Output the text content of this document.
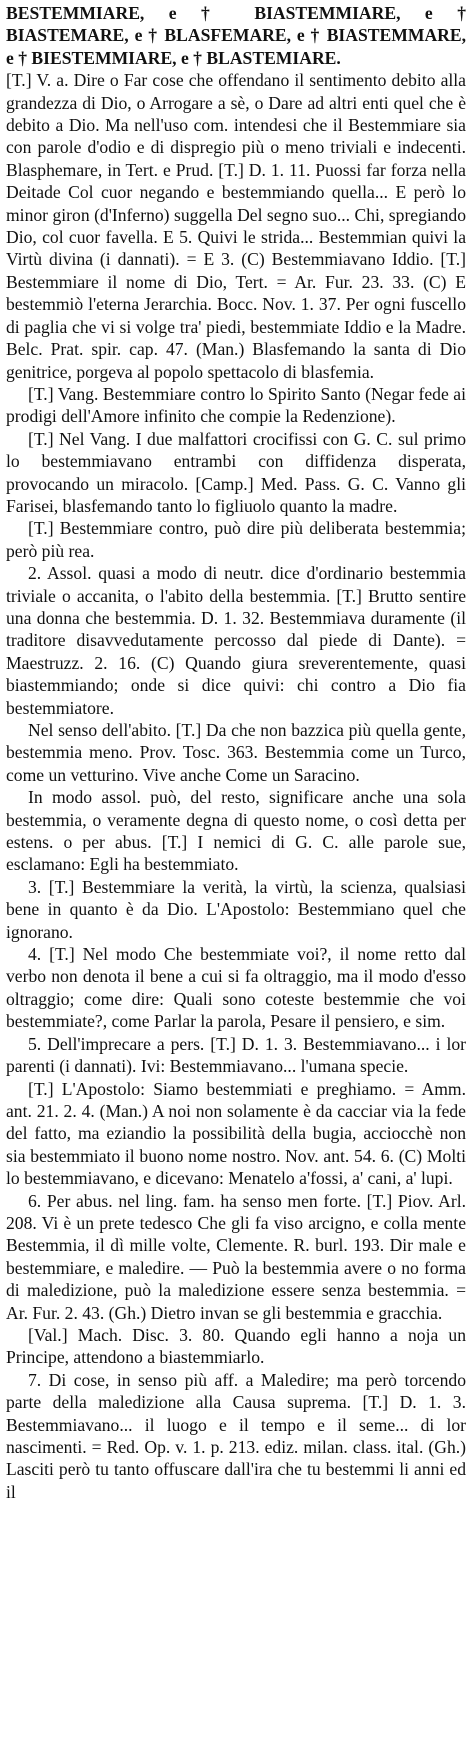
BESTEMMIARE, e † BIASTEMMIARE, e † BIASTEMARE, e † BLASFEMARE, e † BIASTEMMARE, e † BIESTEMMIARE, e † BLASTEMIARE.

[T.] V. a. Dire o Far cose che offendano il sentimento debito alla grandezza di Dio, o Arrogare a sè, o Dare ad altri enti quel che è debito a Dio. Ma nell'uso com. intendesi che il Bestemmiare sia con parole d'odio e di dispregio più o meno triviali e indecenti. Blasphemare, in Tert. e Prud. [T.] D. 1. 11. Puossi far forza nella Deitade Col cuor negando e bestemmiando quella... E però lo minor giron (d'Inferno) suggella Del segno suo... Chi, spregiando Dio, col cuor favella. E 5. Quivi le strida... Bestemmian quivi la Virtù divina (i dannati). = E 3. (C) Bestemmiavano Iddio. [T.] Bestemmiare il nome di Dio, Tert. = Ar. Fur. 23. 33. (C) E bestemmiò l'eterna Jerarchia. Bocc. Nov. 1. 37. Per ogni fuscello di paglia che vi si volge tra' piedi, bestemmiate Iddio e la Madre. Belc. Prat. spir. cap. 47. (Man.) Blasfemando la santa di Dio genitrice, porgeva al popolo spettacolo di blasfemia.

[T.] Vang. Bestemmiare contro lo Spirito Santo (Negar fede ai prodigi dell'Amore infinito che compie la Redenzione).

[T.] Nel Vang. I due malfattori crocifissi con G. C. sul primo lo bestemmiavano entrambi con diffidenza disperata, provocando un miracolo. [Camp.] Med. Pass. G. C. Vanno gli Farisei, blasfemando tanto lo figliuolo quanto la madre.

[T.] Bestemmiare contro, può dire più deliberata bestemmia; però più rea.

2. Assol. quasi a modo di neutr. dice d'ordinario bestemmia triviale o accanita, o l'abito della bestemmia. [T.] Brutto sentire una donna che bestemmia. D. 1. 32. Bestemmiava duramente (il traditore disavvedutamente percosso dal piede di Dante). = Maestruzz. 2. 16. (C) Quando giura sreverentemente, quasi biastemmiando; onde si dice quivi: chi contro a Dio fia bestemmiatore.

Nel senso dell'abito. [T.] Da che non bazzica più quella gente, bestemmia meno. Prov. Tosc. 363. Bestemmia come un Turco, come un vetturino. Vive anche Come un Saracino.

In modo assol. può, del resto, significare anche una sola bestemmia, o veramente degna di questo nome, o così detta per estens. o per abus. [T.] I nemici di G. C. alle parole sue, esclamano: Egli ha bestemmiato.

3. [T.] Bestemmiare la verità, la virtù, la scienza, qualsiasi bene in quanto è da Dio. L'Apostolo: Bestemmiano quel che ignorano.

4. [T.] Nel modo Che bestemmiate voi?, il nome retto dal verbo non denota il bene a cui si fa oltraggio, ma il modo d'esso oltraggio; come dire: Quali sono coteste bestemmie che voi bestemmiate?, come Parlar la parola, Pesare il pensiero, e sim.

5. Dell'imprecare a pers. [T.] D. 1. 3. Bestemmiavano... i lor parenti (i dannati). Ivi: Bestemmiavano... l'umana specie.

[T.] L'Apostolo: Siamo bestemmiati e preghiamo. = Amm. ant. 21. 2. 4. (Man.) A noi non solamente è da cacciar via la fede del fatto, ma eziandio la possibilità della bugia, acciocchè non sia bestemmiato il buono nome nostro. Nov. ant. 54. 6. (C) Molti lo bestemmiavano, e dicevano: Menatelo a'fossi, a' cani, a' lupi.

6. Per abus. nel ling. fam. ha senso men forte. [T.] Piov. Arl. 208. Vi è un prete tedesco Che gli fa viso arcigno, e colla mente Bestemmia, il dì mille volte, Clemente. R. burl. 193. Dir male e bestemmiare, e maledire. — Può la bestemmia avere o no forma di maledizione, può la maledizione essere senza bestemmia. = Ar. Fur. 2. 43. (Gh.) Dietro invan se gli bestemmia e gracchia.

[Val.] Mach. Disc. 3. 80. Quando egli hanno a noja un Principe, attendono a biastemmiarlo.

7. Di cose, in senso più aff. a Maledire; ma però torcendo parte della maledizione alla Causa suprema. [T.] D. 1. 3. Bestemmiavano... il luogo e il tempo e il seme... di lor nascimenti. = Red. Op. v. 1. p. 213. ediz. milan. class. ital. (Gh.) Lasciti però tu tanto offuscare dall'ira che tu bestemmi li anni ed il
